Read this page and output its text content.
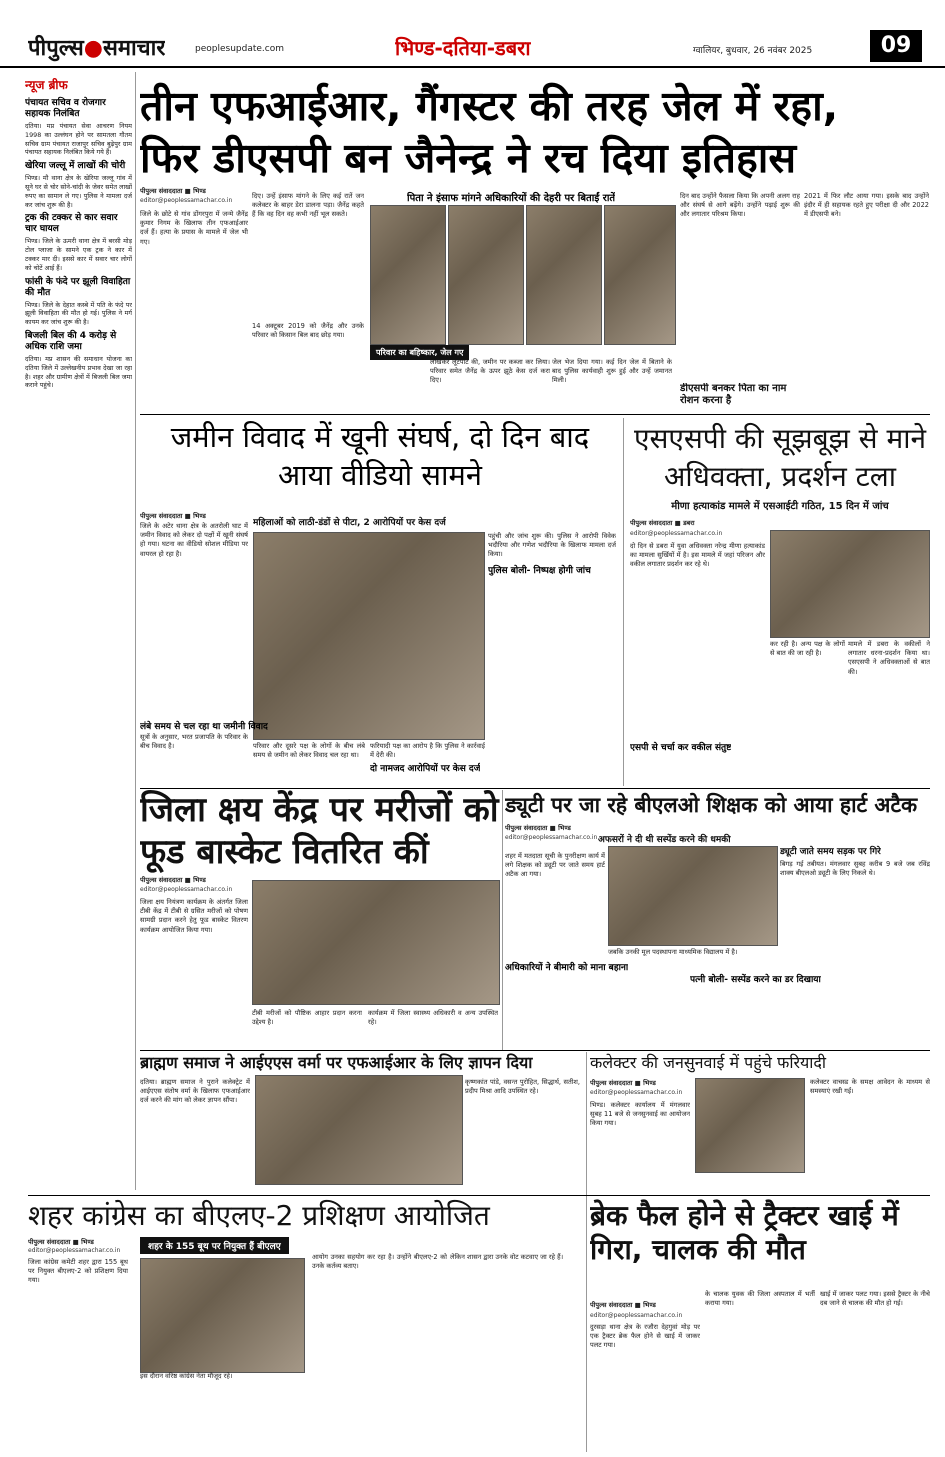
पीपुल्स●समाचार	peoplesupdate.com	भिण्ड-दतिया-डबरा	ग्वालियर, बुधवार, 26 नवंबर 2025	09
न्यूज ब्रीफ
पंचायत सचिव व रोजगार सहायक निलंबित
दतिया। मप्र पंचायत सेवा आचरण नियम 1998 का उल्लंघन होने पर सामतला गौतम सचिव ग्राम पंचायत राजापुर सचिव बुढ़ेपुर ग्राम पंचायत सहायक निलंबित किये गये हैं।
खेरिया जल्लू में लाखों की चोरी
भिण्ड। मौ थाना क्षेत्र के खेरिया जल्लू गांव में सूने घर से चोर सोने-चांदी के जेवर समेत लाखों रुपए का सामान ले गए। पुलिस ने मामला दर्ज कर जांच शुरू की है।
ट्रक की टक्कर से कार सवार चार घायल
भिण्ड। जिले के ऊमरी थाना क्षेत्र में बरसी मोड़ टोल प्लाजा के सामने एक ट्रक ने कार में टक्कर मार दी। इससे कार में सवार चार लोगों को चोटें आई हैं।
फांसी के फंदे पर झूली विवाहिता की मौत
भिण्ड। जिले के देहात कस्बे में पति के फंदे पर झूली विवाहिता की मौत हो गई। पुलिस ने मर्ग कायम कर जांच शुरू की है।
बिजली बिल की 4 करोड़ से अधिक राशि जमा
दतिया। मप्र शासन की समाधान योजना का दतिया जिले में उल्लेखनीय प्रभाव देखा जा रहा है। शहर और ग्रामीण क्षेत्रों में बिजली बिल जमा कराने पहुंचे।
तीन एफआईआर, गैंगस्टर की तरह जेल में रहा,
फिर डीएसपी बन जैनेन्द्र ने रच दिया इतिहास
पीपुल्स संवाददाता ■ भिण्ड
editor@peoplessamachar.co.in
जिले के छोटे से गांव डोंगरपुरा में जन्मे जैनेंद्र कुमार निगम के खिलाफ तीन एफआईआर दर्ज हैं। हत्या के प्रयास के मामले में जेल भी गए।
दिए। उन्हें इंसाफ मांगने के लिए कई रातें जन कलेक्टर के बाहर डेरा डालना पड़ा। जैनेंद्र कहते हैं कि वह दिन वह कभी नहीं भूल सकते।
पिता ने इंसाफ मांगने अधिकारियों की देहरी पर बिताईं रातें
परिवार का बहिष्कार, जेल गए
14 अक्टूबर 2019 को जैनेंद्र और उनके परिवार को किसान बिल बाद छोड़ गया।
लाखकर लूटपाट की, जमीन पर कब्जा कर लिया। परिवार समेत जैनेंद्र के ऊपर झूठे केस दर्ज करा दिए।
जेल भेज दिया गया। कई दिन जेल में बिताने के बाद पुलिस कार्यवाही शुरू हुई और उन्हें जमानत मिली।
दिन बाद उन्होंने फैसला किया कि अपनी अलग राह और संघर्ष से आगे बढ़ेंगे। उन्होंने पढ़ाई शुरू की और लगातार परिश्रम किया।
डीएसपी बनकर पिता का नाम रोशन करना है
2021 में फिर लौट आया गया। इसके बाद उन्होंने इंदौर में ही सहायक रहते हुए परीक्षा दी और 2022 में डीएसपी बने।
जमीन विवाद में खूनी संघर्ष, दो दिन बाद आया वीडियो सामने
पीपुल्स संवाददाता ■ भिण्ड
महिलाओं को लाठी-डंडों से पीटा, 2 आरोपियों पर केस दर्ज
जिले के अटेर थाना क्षेत्र के अतरोली घाट में जमीन विवाद को लेकर दो पक्षों में खूनी संघर्ष हो गया। घटना का वीडियो सोशल मीडिया पर वायरल हो रहा है।
लंबे समय से चल रहा था जमीनी विवाद
सूत्रों के अनुसार, भरत प्रजापति के परिवार के बीच विवाद है।	परिवार और दूसरे पक्ष के लोगों के बीच लंबे समय से जमीन को लेकर विवाद चल रहा था।
फरियादी पक्ष का आरोप है कि पुलिस ने कार्रवाई में देरी की।
दो नामजद आरोपियों पर केस दर्ज
पहुंची और जांच शुरू की। पुलिस ने आरोपी विवेक भदौरिया और गणेश भदौरिया के खिलाफ मामला दर्ज किया।
पुलिस बोली- निष्पक्ष होगी जांच
एसएसपी की सूझबूझ से माने अधिवक्ता, प्रदर्शन टला
मीणा हत्याकांड मामले में एसआईटी गठित, 15 दिन में जांच
पीपुल्स संवाददाता ■ डबरा
editor@peoplessamachar.co.in
दो दिन से डबरा में युवा अधिवक्ता नरेन्द्र मीणा हत्याकांड का मामला सुर्खियों में है। इस मामले में जहां परिजन और वकील लगातार प्रदर्शन कर रहे थे।
कर रही है। अन्य पक्ष के लोगों से बात की जा रही है।
मामले में डबरा के वकीलों ने लगातार धरना-प्रदर्शन किया था। एसएसपी ने अधिवक्ताओं से बात की।
एसपी से चर्चा कर वकील संतुष्ट
जिला क्षय केंद्र पर मरीजों को फूड बास्केट वितरित कीं
पीपुल्स संवाददाता ■ भिण्ड
editor@peoplessamachar.co.in
जिला क्षय नियंत्रण कार्यक्रम के अंतर्गत जिला टीबी केंद्र में टीबी से ग्रसित मरीजों को पोषण सामग्री प्रदान करने हेतु फूड बास्केट वितरण कार्यक्रम आयोजित किया गया।
टीबी मरीजों को पौष्टिक आहार प्रदान करना उद्देश्य है।
कार्यक्रम में जिला स्वास्थ्य अधिकारी व अन्य उपस्थित रहे।
ड्यूटी पर जा रहे बीएलओ शिक्षक को आया हार्ट अटैक
पीपुल्स संवाददाता ■ भिण्ड
editor@peoplessamachar.co.in अफसरों ने दी थी सस्पेंड करने की धमकी
शहर में मतदाता सूची के पुनरीक्षण कार्य में लगे शिक्षक को ड्यूटी पर जाते समय हार्ट अटैक आ गया।
अधिकारियों ने बीमारी को माना बहाना
जबकि उनकी मूल पदस्थापना माध्यमिक विद्यालय में है।
पत्नी बोली- सस्पेंड करने का डर दिखाया
ड्यूटी जाते समय सड़क पर गिरे
बिगड़ गई तबीयत। मंगलवार सुबह करीब 9 बजे जब रविंद्र शाक्य बीएलओ ड्यूटी के लिए निकले थे।
ब्राह्मण समाज ने आईएएस वर्मा पर एफआईआर के लिए ज्ञापन दिया
दतिया। ब्राह्मण समाज ने पुराने कलेक्ट्रेट में आईएएस संतोष वर्मा के खिलाफ एफआईआर दर्ज करने की मांग को लेकर ज्ञापन सौंपा।
कृष्णकांत पांडे, वसन्त पुरोहित, सिद्धार्थ, सतीश, प्रदीप मिश्रा आदि उपस्थित रहे।
कलेक्टर की जनसुनवाई में पहुंचे फरियादी
पीपुल्स संवाददाता ■ भिण्ड
editor@peoplessamachar.co.in
भिण्ड। कलेक्टर कार्यालय में मंगलवार सुबह 11 बजे से जनसुनवाई का आयोजन किया गया।
कलेक्टर वाचस्ड के समक्ष आवेदन के माध्यम से समस्याएं रखी गईं।
शहर कांग्रेस का बीएलए-2 प्रशिक्षण आयोजित
पीपुल्स संवाददाता ■ भिण्ड
editor@peoplessamachar.co.in	शहर के 155 बूथ पर नियुक्त हैं बीएलए
जिला कांग्रेस कमेटी शहर द्वारा 155 बूथ पर नियुक्त बीएलए-2 को प्रशिक्षण दिया गया।
इस दौरान वरिष्ठ कांग्रेस नेता मौजूद रहे।
आयोग उनका सहयोग कर रहा है। उन्होंने बीएलए-2 को उनके कर्तव्य बताए।
लेकिन शासन द्वारा उनके वोट कटवाए जा रहे हैं।
ब्रेक फैल होने से ट्रैक्टर खाई में गिरा, चालक की मौत
पीपुल्स संवाददाता ■ भिण्ड
editor@peoplessamachar.co.in
दुरसड़ा थाना क्षेत्र के रजौरा देहगुवां मोड़ पर एक ट्रैक्टर ब्रेक फैल होने से खाई में जाकर पलट गया।
के चालक युवक की जिला अस्पताल में भर्ती कराया गया।
खाई में जाकर पलट गया। इससे ट्रैक्टर के नीचे दब जाने से चालक की मौत हो गई।
